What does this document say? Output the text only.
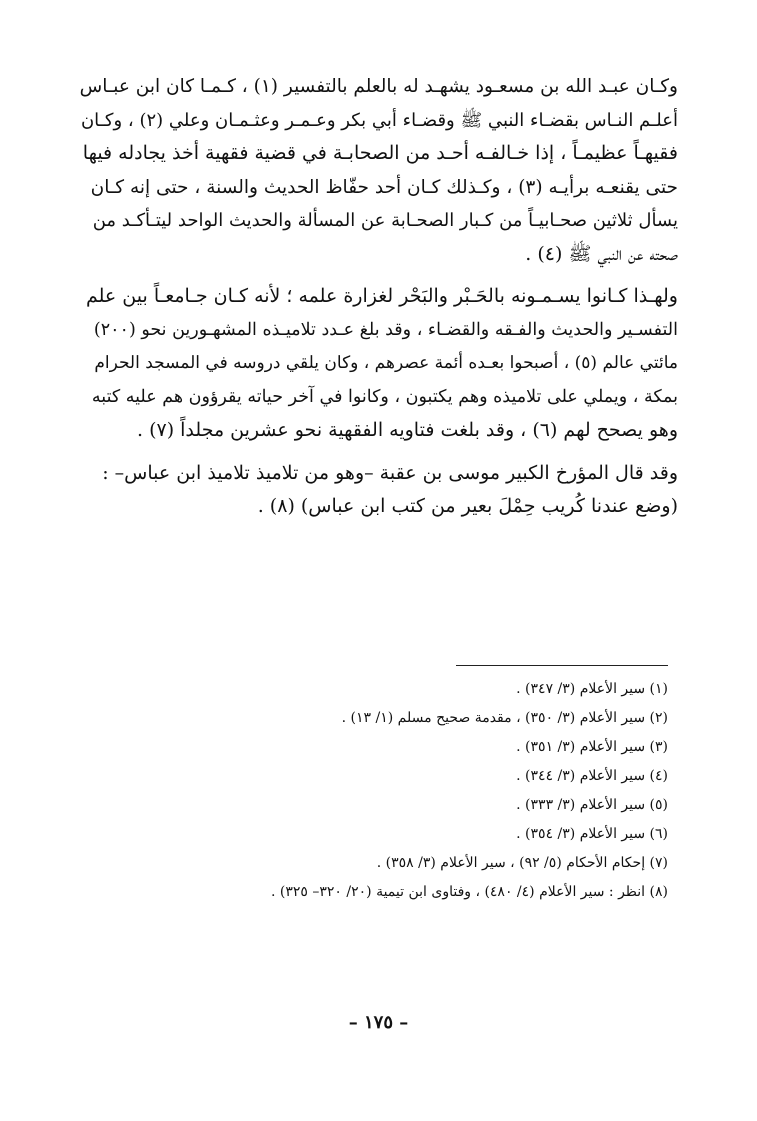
وكـان عبـد الله بن مسعـود يشهـد له بالعلم بالتفسير (١) ، كـمـا كان ابن عبـاس
أعلـم النـاس بقضـاء النبي ﷺ وقضـاء أبي بكر وعـمـر وعثـمـان وعلي (٢) ، وكـان
فقيهـاً عظيمـاً ، إذا خـالفـه أحـد من الصحابـة في قضية فقهية أخذ يجادله فيها
حتى يقنعـه برأيـه (٣) ، وكـذلك كـان أحد حفّاظ الحديث والسنة ، حتى إنه كـان
يسأل ثلاثين صحـابيـاً من كـبار الصحـابة عن المسألة والحديث الواحد ليتـأكـد من
صحته عن النبي ﷺ (٤) .

ولهـذا كـانوا يسـمـونه بالحَـبْر والبَحْر لغزارة علمه ؛ لأنه كـان جـامعـاً بين علم
التفسـير والحديث والفـقه والقضـاء ، وقد بلغ عـدد تلاميـذه المشهـورين نحو (٢٠٠)
مائتي عالم (٥) ، أصبحوا بعـده أئمة عصرهم ، وكان يلقي دروسه في المسجد الحرام
بمكة ، ويملي على تلاميذه وهم يكتبون ، وكانوا في آخر حياته يقرؤون هم عليه كتبه
وهو يصحح لهم (٦) ، وقد بلغت فتاويه الفقهية نحو عشرين مجلداً (٧) .

وقد قال المؤرخ الكبير موسى بن عقبة –وهو من تلاميذ تلاميذ ابن عباس– :
(وضع عندنا كُريب حِمْلَ بعير من كتب ابن عباس) (٨) .

(١) سير الأعلام (٣/ ٣٤٧) .
(٢) سير الأعلام (٣/ ٣٥٠) ، مقدمة صحيح مسلم (١/ ١٣) .
(٣) سير الأعلام (٣/ ٣٥١) .
(٤) سير الأعلام (٣/ ٣٤٤) .
(٥) سير الأعلام (٣/ ٣٣٣) .
(٦) سير الأعلام (٣/ ٣٥٤) .
(٧) إحكام الأحكام (٥/ ٩٢) ، سير الأعلام (٣/ ٣٥٨) .
(٨) انظر : سير الأعلام (٤/ ٤٨٠) ، وفتاوى ابن تيمية (٢٠/ ٣٢٠– ٣٢٥) .
– ١٧٥ –
